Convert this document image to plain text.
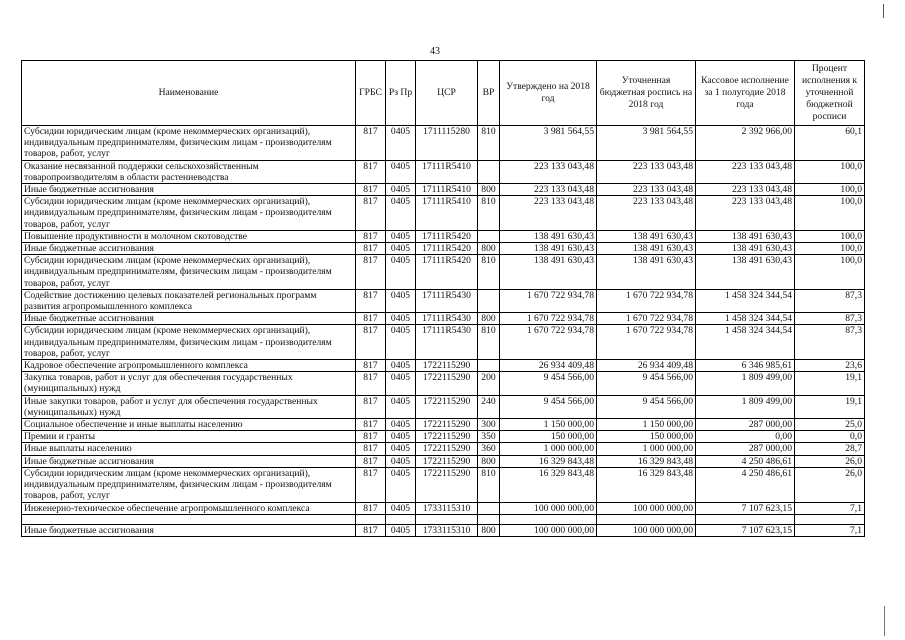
43
Наименование	ГРБС	Рз Пр	ЦСР	ВР	Утверждено на 2018 год	Уточненная бюджетная роспись на 2018 год	Кассовое исполнение за 1 полугодие 2018 года	Процент исполнения к уточненной бюджетной росписи
Субсидии юридическим лицам (кроме некоммерческих организаций), индивидуальным предпринимателям, физическим лицам - производителям товаров, работ, услуг	817	0405	1711115280	810	3 981 564,55	3 981 564,55	2 392 966,00	60,1
Оказание несвязанной поддержки сельскохозяйственным товаропроизводителям в области растениеводства	817	0405	17111R5410		223 133 043,48	223 133 043,48	223 133 043,48	100,0
Иные бюджетные ассигнования	817	0405	17111R5410	800	223 133 043,48	223 133 043,48	223 133 043,48	100,0
Субсидии юридическим лицам (кроме некоммерческих организаций), индивидуальным предпринимателям, физическим лицам - производителям товаров, работ, услуг	817	0405	17111R5410	810	223 133 043,48	223 133 043,48	223 133 043,48	100,0
Повышение продуктивности в молочном скотоводстве	817	0405	17111R5420		138 491 630,43	138 491 630,43	138 491 630,43	100,0
Иные бюджетные ассигнования	817	0405	17111R5420	800	138 491 630,43	138 491 630,43	138 491 630,43	100,0
Субсидии юридическим лицам (кроме некоммерческих организаций), индивидуальным предпринимателям, физическим лицам - производителям товаров, работ, услуг	817	0405	17111R5420	810	138 491 630,43	138 491 630,43	138 491 630,43	100,0
Содействие достижению целевых показателей региональных программ развития агропромышленного комплекса	817	0405	17111R5430		1 670 722 934,78	1 670 722 934,78	1 458 324 344,54	87,3
Иные бюджетные ассигнования	817	0405	17111R5430	800	1 670 722 934,78	1 670 722 934,78	1 458 324 344,54	87,3
Субсидии юридическим лицам (кроме некоммерческих организаций), индивидуальным предпринимателям, физическим лицам - производителям товаров, работ, услуг	817	0405	17111R5430	810	1 670 722 934,78	1 670 722 934,78	1 458 324 344,54	87,3
Кадровое обеспечение агропромышленного комплекса	817	0405	1722115290		26 934 409,48	26 934 409,48	6 346 985,61	23,6
Закупка товаров, работ и услуг для обеспечения государственных (муниципальных) нужд	817	0405	1722115290	200	9 454 566,00	9 454 566,00	1 809 499,00	19,1
Иные закупки товаров, работ и услуг для обеспечения государственных (муниципальных) нужд	817	0405	1722115290	240	9 454 566,00	9 454 566,00	1 809 499,00	19,1
Социальное обеспечение и иные выплаты населению	817	0405	1722115290	300	1 150 000,00	1 150 000,00	287 000,00	25,0
Премии и гранты	817	0405	1722115290	350	150 000,00	150 000,00	0,00	0,0
Иные выплаты населению	817	0405	1722115290	360	1 000 000,00	1 000 000,00	287 000,00	28,7
Иные бюджетные ассигнования	817	0405	1722115290	800	16 329 843,48	16 329 843,48	4 250 486,61	26,0
Субсидии юридическим лицам (кроме некоммерческих организаций), индивидуальным предпринимателям, физическим лицам - производителям товаров, работ, услуг	817	0405	1722115290	810	16 329 843,48	16 329 843,48	4 250 486,61	26,0
Инженерно-техническое обеспечение агропромышленного комплекса	817	0405	1733115310		100 000 000,00	100 000 000,00	7 107 623,15	7,1

Иные бюджетные ассигнования	817	0405	1733115310	800	100 000 000,00	100 000 000,00	7 107 623,15	7,1
